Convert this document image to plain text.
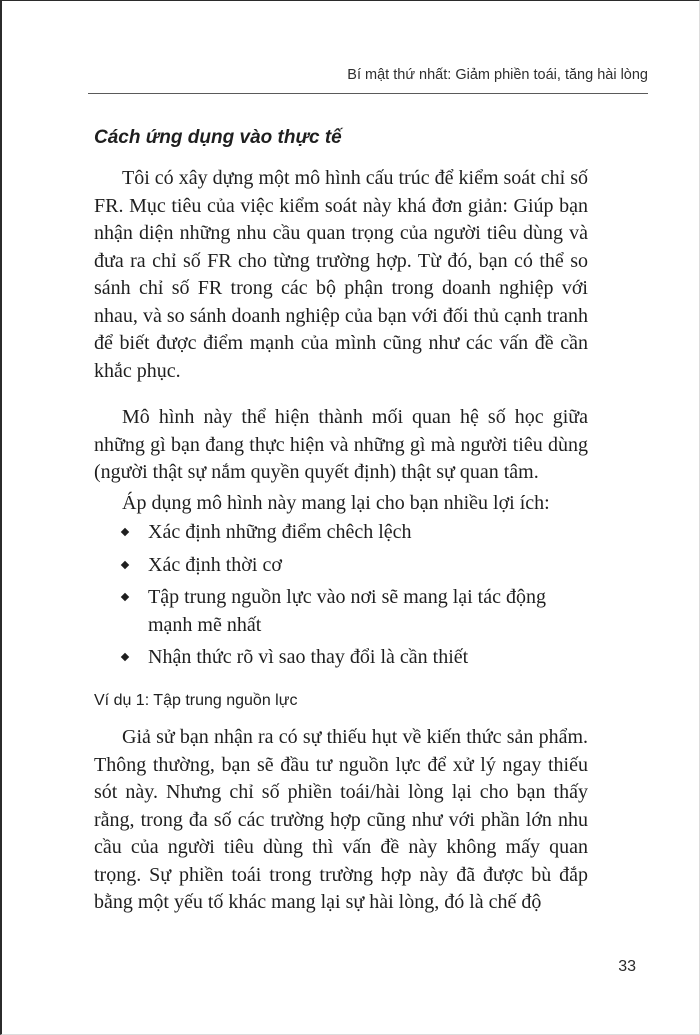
Bí mật thứ nhất: Giảm phiền toái, tăng hài lòng
Cách ứng dụng vào thực tế

Tôi có xây dựng một mô hình cấu trúc để kiểm soát chỉ số FR. Mục tiêu của việc kiểm soát này khá đơn giản: Giúp bạn nhận diện những nhu cầu quan trọng của người tiêu dùng và đưa ra chỉ số FR cho từng trường hợp. Từ đó, bạn có thể so sánh chỉ số FR trong các bộ phận trong doanh nghiệp với nhau, và so sánh doanh nghiệp của bạn với đối thủ cạnh tranh để biết được điểm mạnh của mình cũng như các vấn đề cần khắc phục.

Mô hình này thể hiện thành mối quan hệ số học giữa những gì bạn đang thực hiện và những gì mà người tiêu dùng (người thật sự nắm quyền quyết định) thật sự quan tâm.

Áp dụng mô hình này mang lại cho bạn nhiều lợi ích:

Xác định những điểm chêch lệch
Xác định thời cơ
Tập trung nguồn lực vào nơi sẽ mang lại tác động mạnh mẽ nhất
Nhận thức rõ vì sao thay đổi là cần thiết
Ví dụ 1: Tập trung nguồn lực

Giả sử bạn nhận ra có sự thiếu hụt về kiến thức sản phẩm. Thông thường, bạn sẽ đầu tư nguồn lực để xử lý ngay thiếu sót này. Nhưng chỉ số phiền toái/hài lòng lại cho bạn thấy rằng, trong đa số các trường hợp cũng như với phần lớn nhu cầu của người tiêu dùng thì vấn đề này không mấy quan trọng. Sự phiền toái trong trường hợp này đã được bù đắp bằng một yếu tố khác mang lại sự hài lòng, đó là chế độ

33
